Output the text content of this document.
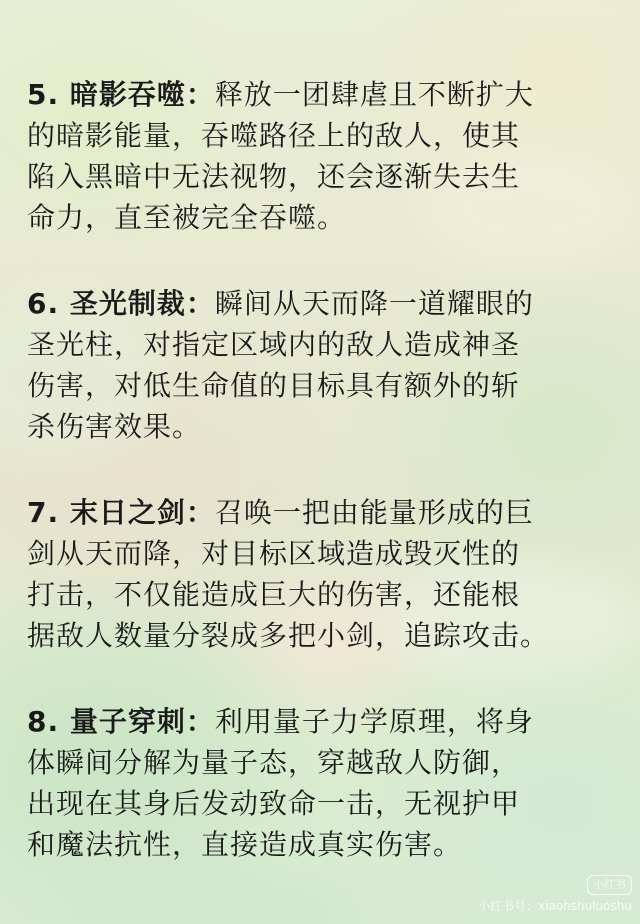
5. 暗影吞噬：释放一团肆虐且不断扩大
的暗影能量，吞噬路径上的敌人，使其
陷入黑暗中无法视物，还会逐渐失去生
命力，直至被完全吞噬。
6. 圣光制裁：瞬间从天而降一道耀眼的
圣光柱，对指定区域内的敌人造成神圣
伤害，对低生命值的目标具有额外的斩
杀伤害效果。
7. 末日之剑：召唤一把由能量形成的巨
剑从天而降，对目标区域造成毁灭性的
打击，不仅能造成巨大的伤害，还能根
据敌人数量分裂成多把小剑，追踪攻击。
8. 量子穿刺：利用量子力学原理，将身
体瞬间分解为量子态，穿越敌人防御，
出现在其身后发动致命一击，无视护甲
和魔法抗性，直接造成真实伤害。
小红书
小红书号：xiaohshuluoshu
